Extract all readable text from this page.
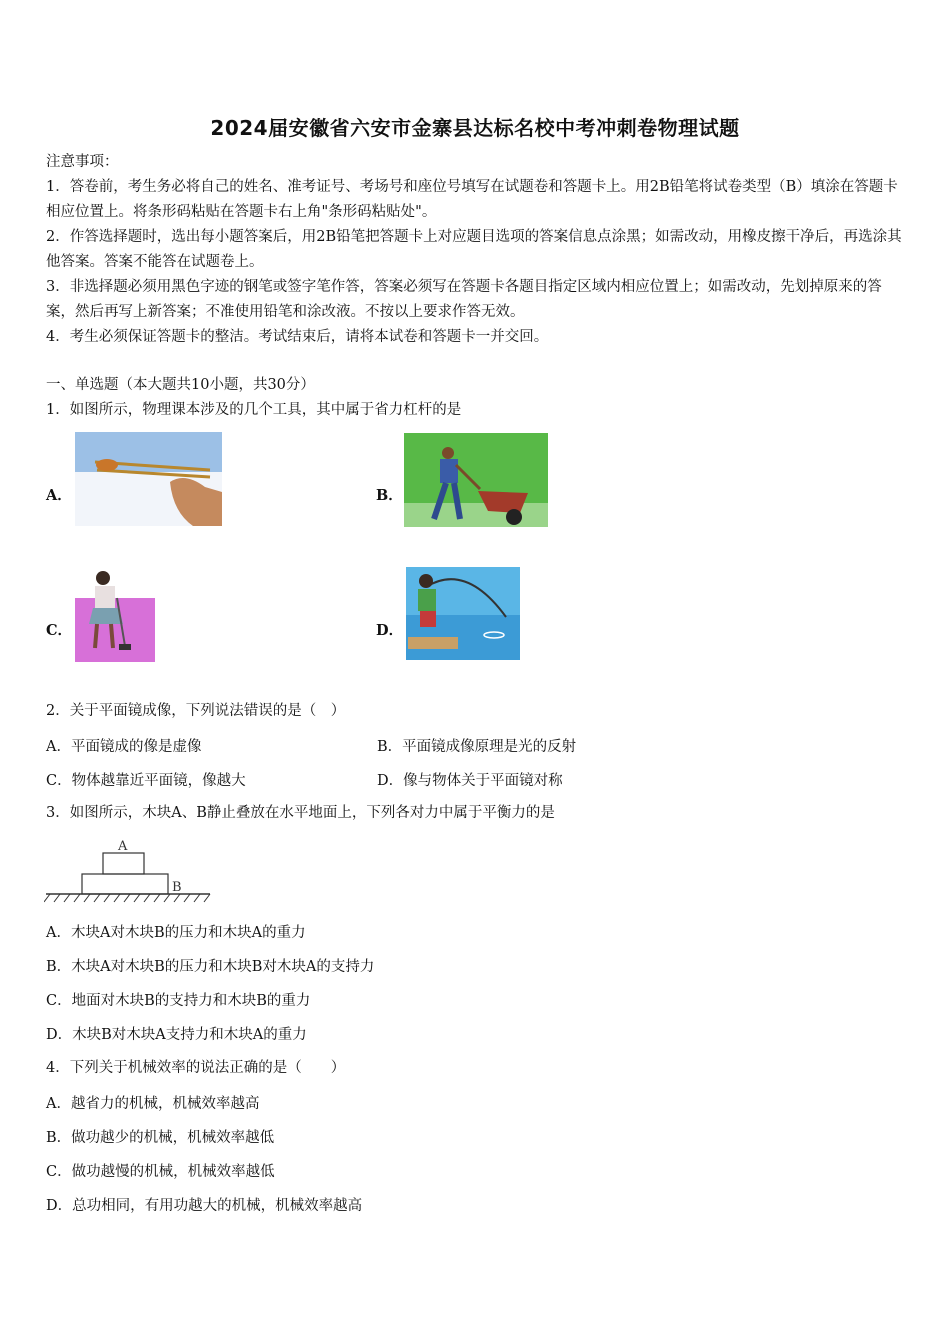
2024届安徽省六安市金寨县达标名校中考冲刺卷物理试题

注意事项：

1．答卷前，考生务必将自己的姓名、准考证号、考场号和座位号填写在试题卷和答题卡上。用2B铅笔将试卷类型（B）填涂在答题卡相应位置上。将条形码粘贴在答题卡右上角"条形码粘贴处"。

2．作答选择题时，选出每小题答案后，用2B铅笔把答题卡上对应题目选项的答案信息点涂黑；如需改动，用橡皮擦干净后，再选涂其他答案。答案不能答在试题卷上。

3．非选择题必须用黑色字迹的钢笔或签字笔作答，答案必须写在答题卡各题目指定区域内相应位置上；如需改动，先划掉原来的答案，然后再写上新答案；不准使用铅笔和涂改液。不按以上要求作答无效。

4．考生必须保证答题卡的整洁。考试结束后，请将本试卷和答题卡一并交回。

一、单选题（本大题共10小题，共30分）
1．如图所示，物理课本涉及的几个工具，其中属于省力杠杆的是
A．	B．
C．	D．
2．关于平面镜成像，下列说法错误的是（　）
A．平面镜成的像是虚像	B．平面镜成像原理是光的反射
C．物体越靠近平面镜，像越大	D．像与物体关于平面镜对称
3．如图所示，木块A、B静止叠放在水平地面上，下列各对力中属于平衡力的是
A
B
A．木块A对木块B的压力和木块A的重力
B．木块A对木块B的压力和木块B对木块A的支持力
C．地面对木块B的支持力和木块B的重力
D．木块B对木块A支持力和木块A的重力
4．下列关于机械效率的说法正确的是（　　）
A．越省力的机械，机械效率越高
B．做功越少的机械，机械效率越低
C．做功越慢的机械，机械效率越低
D．总功相同，有用功越大的机械，机械效率越高
